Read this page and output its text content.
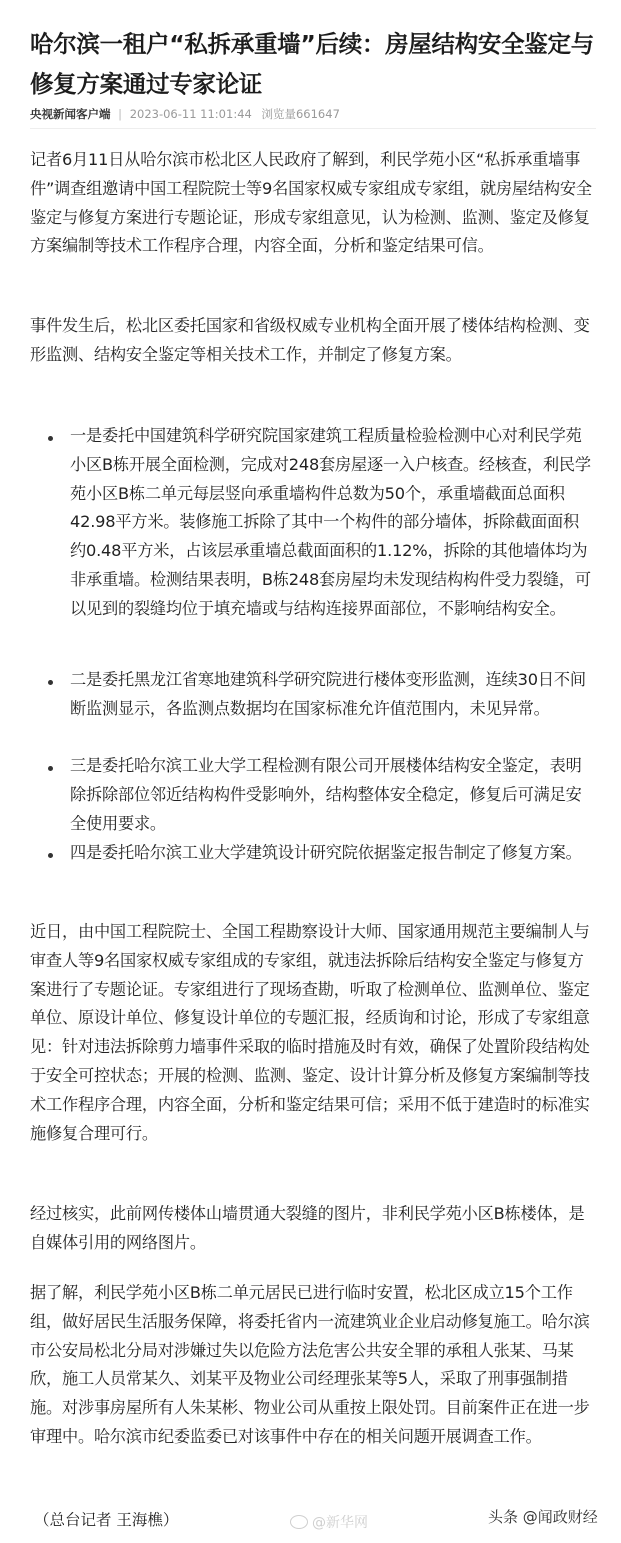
哈尔滨一租户“私拆承重墙”后续：房屋结构安全鉴定与修复方案通过专家论证
央视新闻客户端 | 2023-06-11 11:01:44 浏览量661647

记者6月11日从哈尔滨市松北区人民政府了解到，利民学苑小区“私拆承重墙事件”调查组邀请中国工程院院士等9名国家权威专家组成专家组，就房屋结构安全鉴定与修复方案进行专题论证，形成专家组意见，认为检测、监测、鉴定及修复方案编制等技术工作程序合理，内容全面，分析和鉴定结果可信。

事件发生后，松北区委托国家和省级权威专业机构全面开展了楼体结构检测、变形监测、结构安全鉴定等相关技术工作，并制定了修复方案。

一是委托中国建筑科学研究院国家建筑工程质量检验检测中心对利民学苑小区B栋开展全面检测，完成对248套房屋逐一入户核查。经核查，利民学苑小区B栋二单元每层竖向承重墙构件总数为50个，承重墙截面总面积42.98平方米。装修施工拆除了其中一个构件的部分墙体，拆除截面面积约0.48平方米，占该层承重墙总截面面积的1.12%，拆除的其他墙体均为非承重墙。检测结果表明，B栋248套房屋均未发现结构构件受力裂缝，可以见到的裂缝均位于填充墙或与结构连接界面部位，不影响结构安全。

二是委托黑龙江省寒地建筑科学研究院进行楼体变形监测，连续30日不间断监测显示，各监测点数据均在国家标准允许值范围内，未见异常。

三是委托哈尔滨工业大学工程检测有限公司开展楼体结构安全鉴定，表明除拆除部位邻近结构构件受影响外，结构整体安全稳定，修复后可满足安全使用要求。

四是委托哈尔滨工业大学建筑设计研究院依据鉴定报告制定了修复方案。

近日，由中国工程院院士、全国工程勘察设计大师、国家通用规范主要编制人与审查人等9名国家权威专家组成的专家组，就违法拆除后结构安全鉴定与修复方案进行了专题论证。专家组进行了现场查勘，听取了检测单位、监测单位、鉴定单位、原设计单位、修复设计单位的专题汇报，经质询和讨论，形成了专家组意见：针对违法拆除剪力墙事件采取的临时措施及时有效，确保了处置阶段结构处于安全可控状态；开展的检测、监测、鉴定、设计计算分析及修复方案编制等技术工作程序合理，内容全面，分析和鉴定结果可信；采用不低于建造时的标准实施修复合理可行。

经过核实，此前网传楼体山墙贯通大裂缝的图片，非利民学苑小区B栋楼体，是自媒体引用的网络图片。

据了解，利民学苑小区B栋二单元居民已进行临时安置，松北区成立15个工作组，做好居民生活服务保障，将委托省内一流建筑业企业启动修复施工。哈尔滨市公安局松北分局对涉嫌过失以危险方法危害公共安全罪的承租人张某、马某欣，施工人员常某久、刘某平及物业公司经理张某等5人，采取了刑事强制措施。对涉事房屋所有人朱某彬、物业公司从重按上限处罚。目前案件正在进一步审理中。哈尔滨市纪委监委已对该事件中存在的相关问题开展调查工作。

（总台记者 王海樵）	@新华网	头条 @闻政财经
